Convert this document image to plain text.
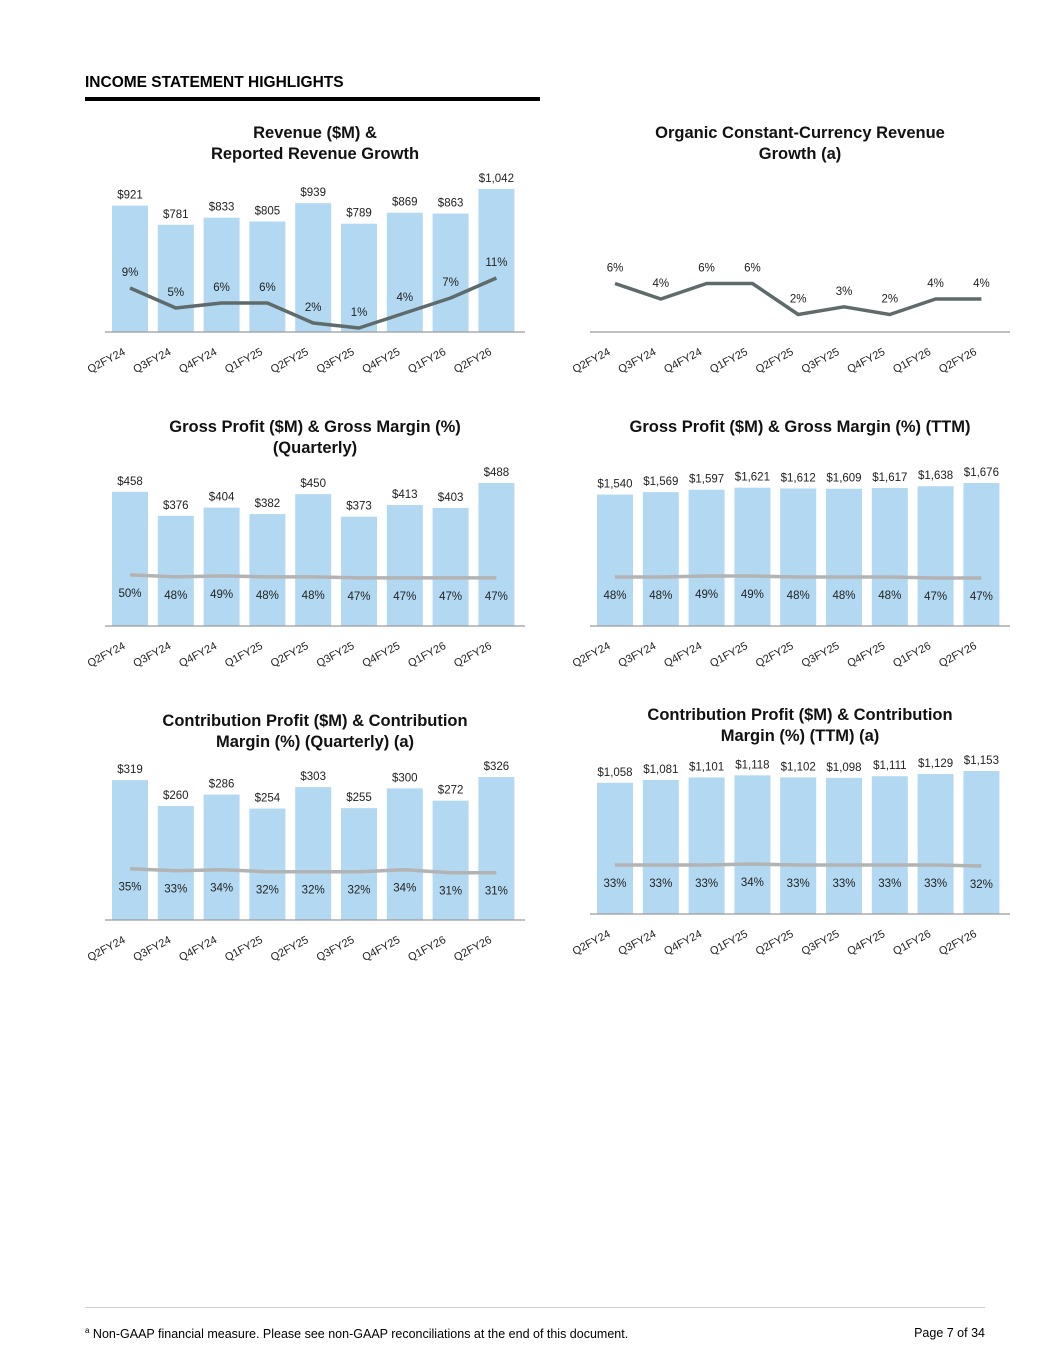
INCOME STATEMENT HIGHLIGHTS
Revenue ($M) &
Reported Revenue Growth
$921
$781
$833 $805
$939
$789
$869 $863
$1,042
9%
5%	6%	6%
2%	1%
4%
7%
11%
Q2FY24 Q3FY24 Q4FY24 Q1FY25 Q2FY25 Q3FY25 Q4FY25 Q1FY26 Q2FY26
Organic Constant-Currency Revenue
Growth (a)
6%
4%
6%	6%
2%
3%
2%
4%	4%
Q2FY24 Q3FY24 Q4FY24 Q1FY25 Q2FY25 Q3FY25 Q4FY25 Q1FY26 Q2FY26
Gross Profit ($M) & Gross Margin (%)
(Quarterly)
$458
$376
$404
$382
$450
$373
$413 $403
$488
50% 48% 49% 48% 48% 47% 47% 47% 47%
Q2FY24 Q3FY24 Q4FY24 Q1FY25 Q2FY25 Q3FY25 Q4FY25 Q1FY26 Q2FY26
Gross Profit ($M) & Gross Margin (%) (TTM)
$1,540 $1,569 $1,597 $1,621 $1,612 $1,609 $1,617 $1,638 $1,676
48% 48% 49% 49% 48% 48% 48% 47% 47%
Q2FY24 Q3FY24 Q4FY24 Q1FY25 Q2FY25 Q3FY25 Q4FY25 Q1FY26 Q2FY26
Contribution Profit ($M) & Contribution
Margin (%) (Quarterly) (a)
$319
$260
$286
$254
$303
$255
$300
$272
$326
35% 33% 34% 32% 32% 32% 34% 31% 31%
Q2FY24 Q3FY24 Q4FY24 Q1FY25 Q2FY25 Q3FY25 Q4FY25 Q1FY26 Q2FY26
Contribution Profit ($M) & Contribution
Margin (%) (TTM) (a)
$1,058 $1,081 $1,101 $1,118 $1,102 $1,098 $1,111 $1,129 $1,153
33% 33% 33% 34% 33% 33% 33% 33% 32%
Q2FY24 Q3FY24 Q4FY24 Q1FY25 Q2FY25 Q3FY25 Q4FY25 Q1FY26 Q2FY26
$^a$ Non-GAAP financial measure. Please see non-GAAP reconciliations at the end of this document.	Page 7 of 34
